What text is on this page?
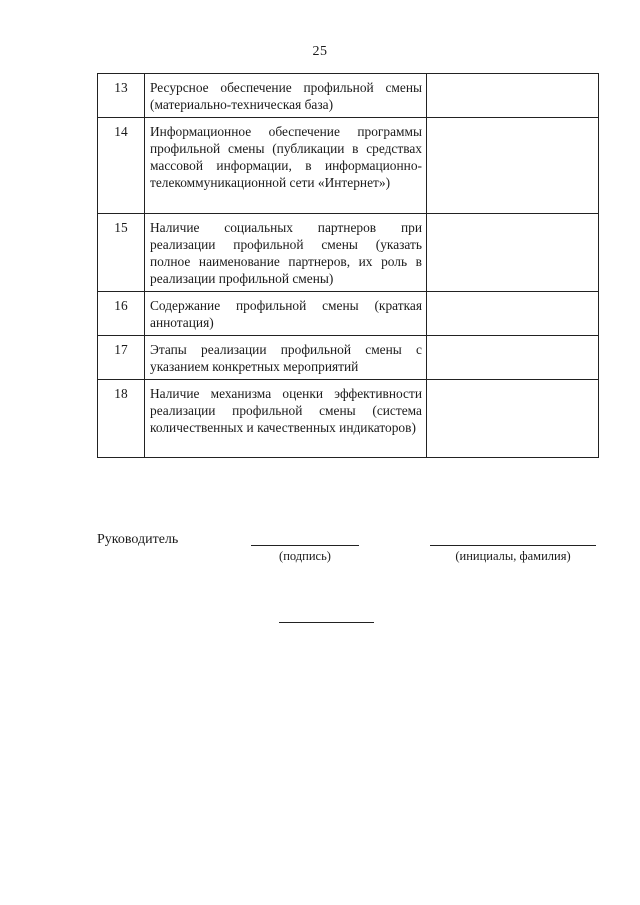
25
13	Ресурсное обеспечение профильной смены (материально-техническая база)	

14	Информационное обеспечение программы профильной смены (публикации в средствах массовой информации, в информационно-телекоммуникационной сети «Интернет»)	

15	Наличие социальных партнеров при реализации профильной смены (указать полное наименование партнеров, их роль в реализации профильной смены)	

16	Содержание профильной смены (краткая аннотация)	

17	Этапы реализации профильной смены с указанием конкретных мероприятий	

18	Наличие механизма оценки эффективности реализации профильной смены (система количественных и качественных индикаторов)	

Руководитель
(подпись)	(инициалы, фамилия)
